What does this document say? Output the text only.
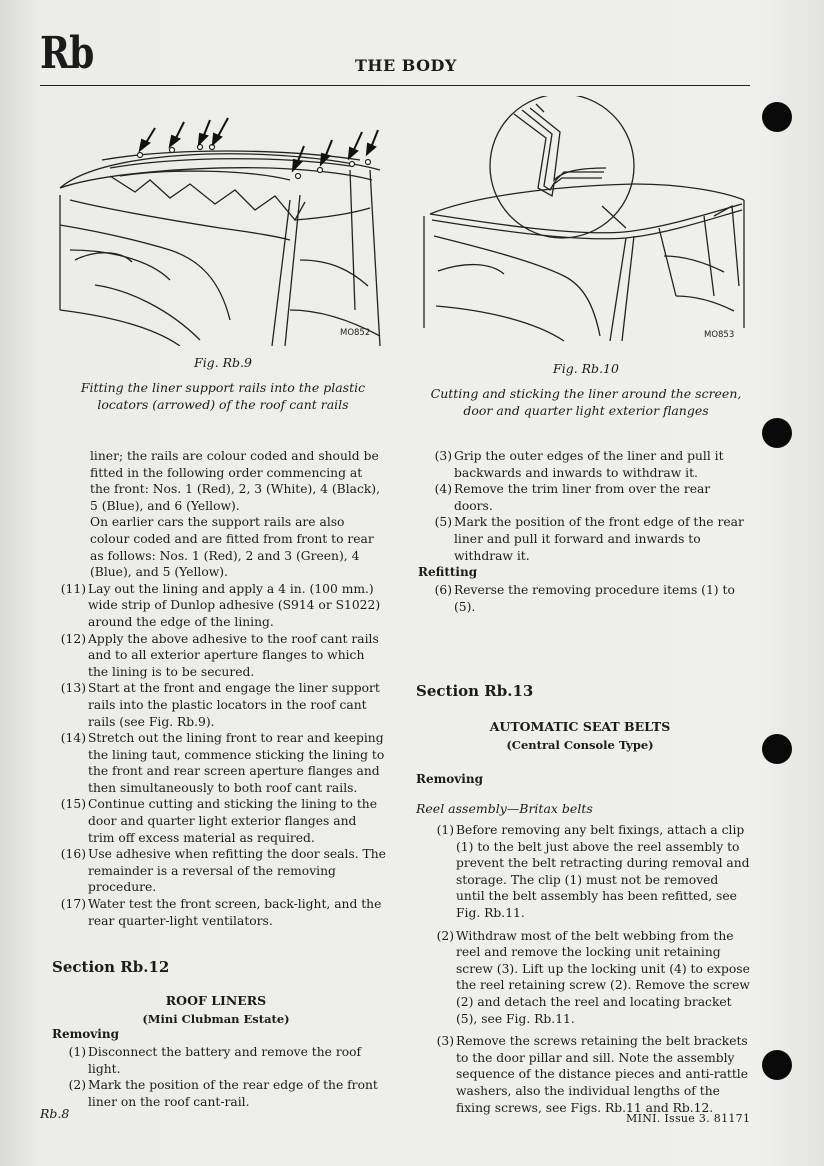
Rb	THE BODY
MO852
Fig. Rb.9
Fitting the liner support rails into the plastic locators (arrowed) of the roof cant rails
MO853
Fig. Rb.10
Cutting and sticking the liner around the screen, door and quarter light exterior flanges

liner; the rails are colour coded and should be fitted in the following order commencing at the front: Nos. 1 (Red), 2, 3 (White), 4 (Black), 5 (Blue), and 6 (Yellow).

On earlier cars the support rails are also colour coded and are fitted from front to rear as follows: Nos. 1 (Red), 2 and 3 (Green), 4 (Blue), and 5 (Yellow).

(11) Lay out the lining and apply a 4 in. (100 mm.) wide strip of Dunlop adhesive (S914 or S1022) around the edge of the lining.
(12) Apply the above adhesive to the roof cant rails and to all exterior aperture flanges to which the lining is to be secured.
(13) Start at the front and engage the liner support rails into the plastic locators in the roof cant rails (see Fig. Rb.9).
(14) Stretch out the lining front to rear and keeping the lining taut, commence sticking the lining to the front and rear screen aperture flanges and then simultaneously to both roof cant rails.
(15) Continue cutting and sticking the lining to the door and quarter light exterior flanges and trim off excess material as required.
(16) Use adhesive when refitting the door seals. The remainder is a reversal of the removing procedure.
(17) Water test the front screen, back-light, and the rear quarter-light ventilators.
Section Rb.12
ROOF LINERS
(Mini Clubman Estate)
Removing
(1) Disconnect the battery and remove the roof light.
(2) Mark the position of the rear edge of the front liner on the roof cant-rail.
(3) Grip the outer edges of the liner and pull it backwards and inwards to withdraw it.
(4) Remove the trim liner from over the rear doors.
(5) Mark the position of the front edge of the rear liner and pull it forward and inwards to withdraw it.
Refitting
(6) Reverse the removing procedure items (1) to (5).
Section Rb.13
AUTOMATIC SEAT BELTS
(Central Console Type)
Removing
Reel assembly—Britax belts
(1) Before removing any belt fixings, attach a clip (1) to the belt just above the reel assembly to prevent the belt retracting during removal and storage. The clip (1) must not be removed until the belt assembly has been refitted, see Fig. Rb.11.
(2) Withdraw most of the belt webbing from the reel and remove the locking unit retaining screw (3). Lift up the locking unit (4) to expose the reel retaining screw (2). Remove the screw (2) and detach the reel and locating bracket (5), see Fig. Rb.11.
(3) Remove the screws retaining the belt brackets to the door pillar and sill. Note the assembly sequence of the distance pieces and anti-rattle washers, also the individual lengths of the fixing screws, see Figs. Rb.11 and Rb.12.
Rb.8	MINI. Issue 3. 81171
